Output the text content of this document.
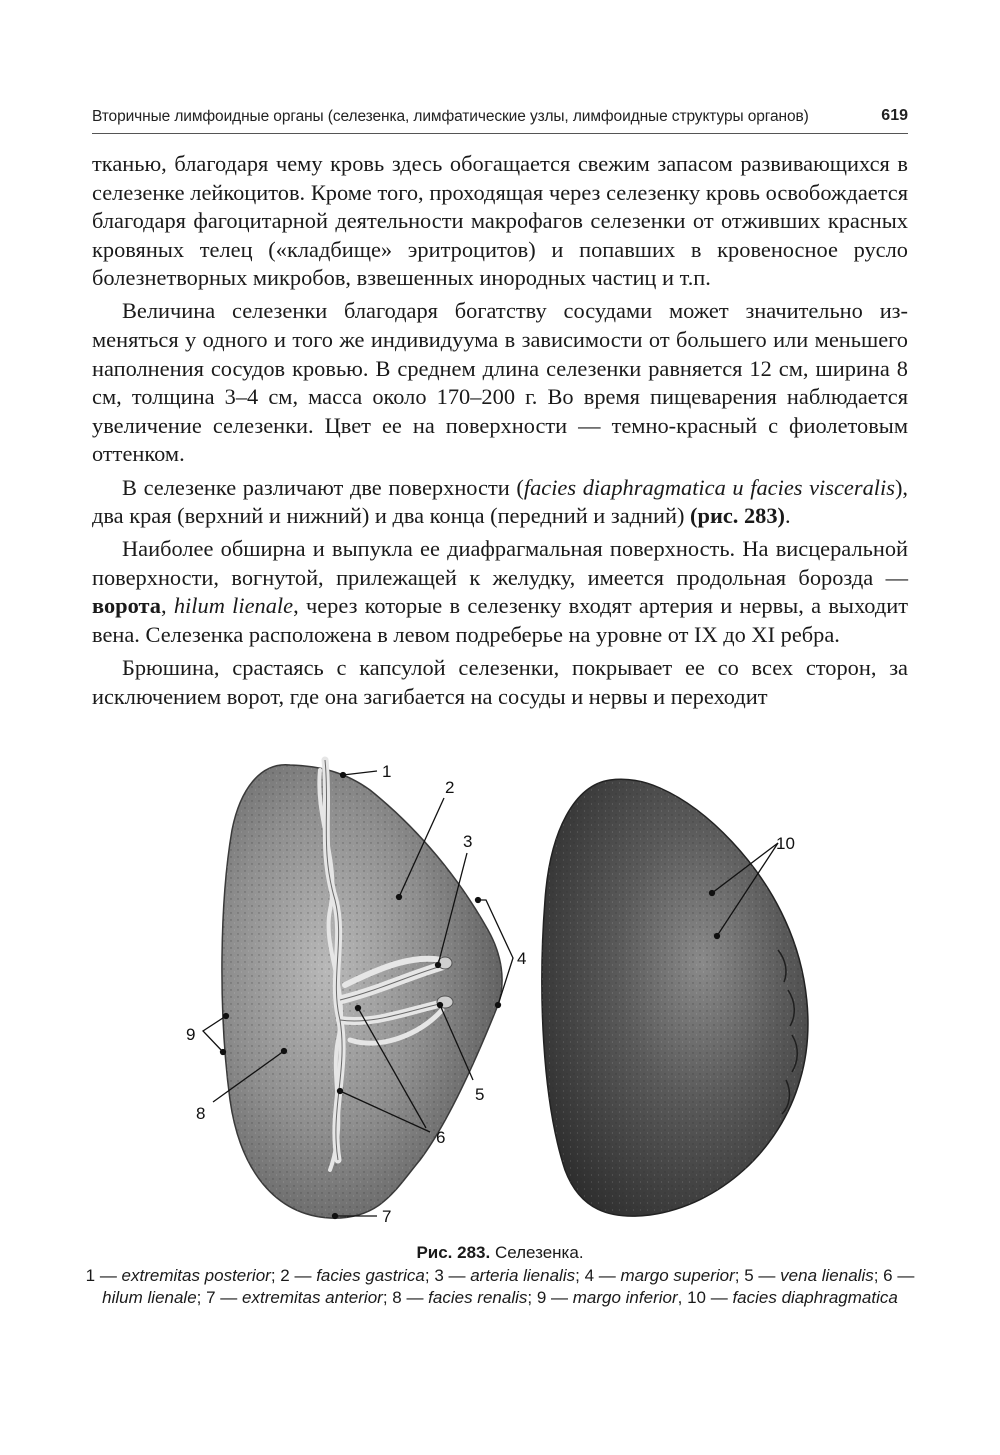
Вторичные лимфоидные органы (селезенка, лимфатические узлы, лимфоидные структуры органов)	619

тканью, благодаря чему кровь здесь обогащается свежим запасом развивающихся в селезенке лейкоцитов. Кроме того, проходящая через селезенку кровь освобождается благодаря фагоцитарной деятельности макрофагов селезенки от отживших красных кровяных телец («кладбище» эритроцитов) и попавших в кровеносное русло болезнетворных микробов, взвешенных инородных частиц и т.п.

Величина селезенки благодаря богатству сосудами может значительно изменяться у одного и того же индивидуума в зависимости от большего или меньшего наполнения сосудов кровью. В среднем длина селезенки равняется 12 см, ширина 8 см, толщина 3–4 см, масса около 170–200 г. Во время пищеварения наблюдается увеличение селезенки. Цвет ее на поверхности — темно-красный с фиолетовым оттенком.

В селезенке различают две поверхности (facies diaphragmatica u facies visceralis), два края (верхний и нижний) и два конца (передний и задний) (рис. 283).

Наиболее обширна и выпукла ее диафрагмальная поверхность. На висцеральной поверхности, вогнутой, прилежащей к желудку, имеется продольная борозда — ворота, hilum lienale, через которые в селезенку входят артерия и нервы, а выходит вена. Селезенка расположена в левом подреберье на уровне от IX до XI ребра.

Брюшина, срастаясь с капсулой селезенки, покрывает ее со всех сторон, за исключением ворот, где она загибается на сосуды и нервы и переходит

1
2
3
4
5
6
7
8
9
10
Рис. 283. Селезенка.
1 — extremitas posterior; 2 — facies gastrica; 3 — arteria lienalis; 4 — margo superior; 5 — vena lienalis; 6 — hilum lienale; 7 — extremitas anterior; 8 — facies renalis; 9 — margo inferior, 10 — facies diaphragmatica
